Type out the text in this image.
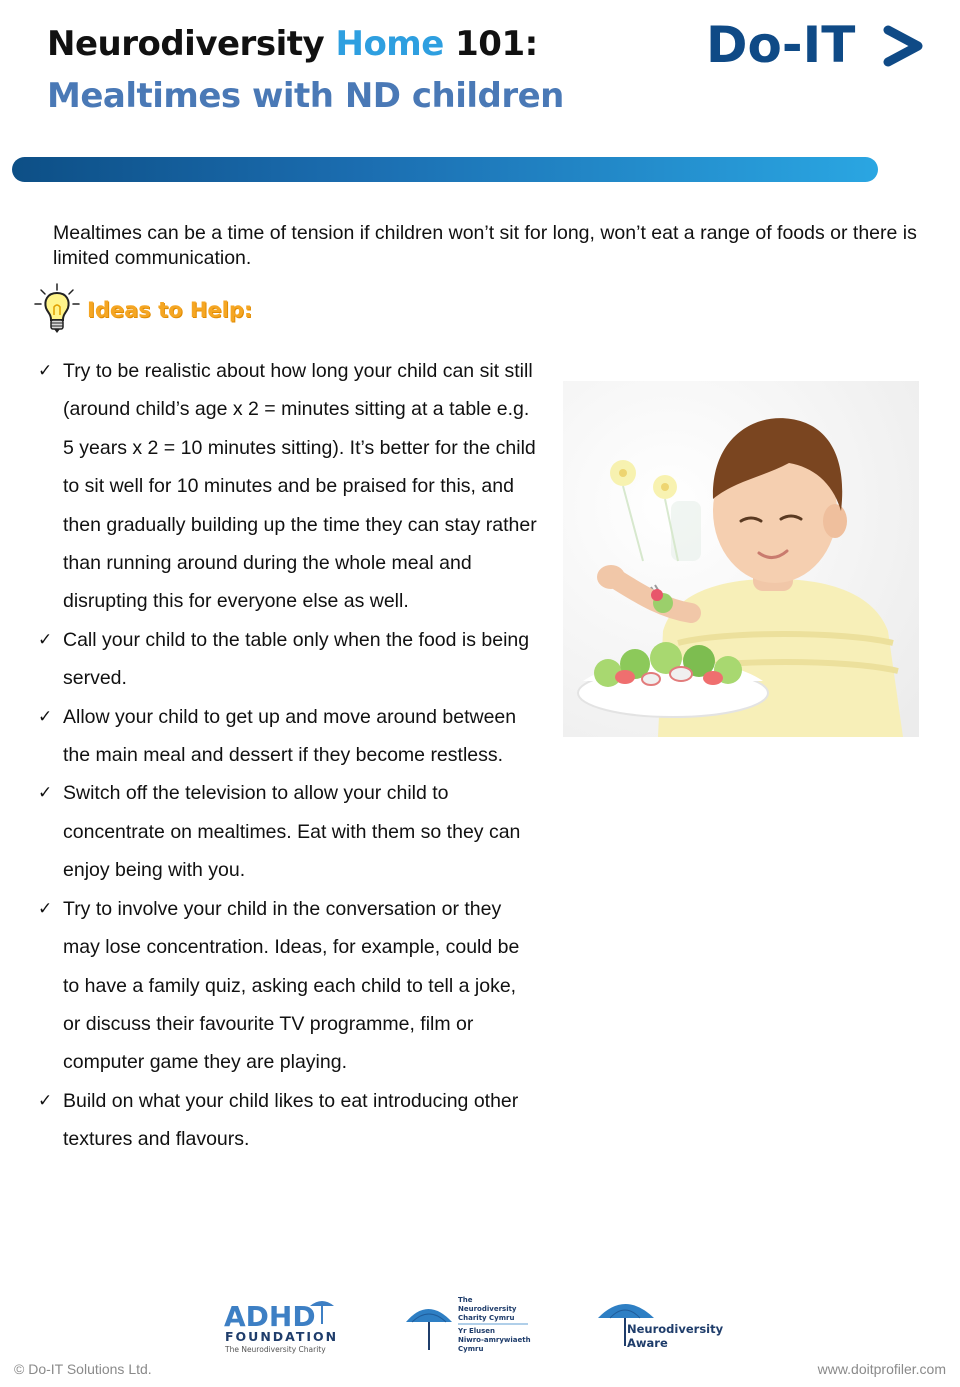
Neurodiversity Home 101:
Mealtimes with ND children
Do-IT

Mealtimes can be a time of tension if children won’t sit for long, won’t eat a range of foods or there is limited communication.

Ideas to Help:
✓ Try to be realistic about how long your child can sit still (around child’s age x 2 = minutes sitting at a table e.g. 5 years x 2 = 10 minutes sitting). It’s better for the child to sit well for 10 minutes and be praised for this, and then gradually building up the time they can stay rather than running around during the whole meal and disrupting this for everyone else as well.
✓ Call your child to the table only when the food is being served.
✓ Allow your child to get up and move around between the main meal and dessert if they become restless.
✓ Switch off the television to allow your child to concentrate on mealtimes. Eat with them so they can enjoy being with you.
✓ Try to involve your child in the conversation or they may lose concentration. Ideas, for example, could be to have a family quiz, asking each child to tell a joke, or discuss their favourite TV programme, film or computer game they are playing.
✓ Build on what your child likes to eat introducing other textures and flavours.
ADHD
FOUNDATION
The Neurodiversity Charity
The
Neurodiversity
Charity Cymru
Yr Elusen
Niwro-amrywiaeth
Cymru
Neurodiversity
Aware
© Do-IT Solutions Ltd.	www.doitprofiler.com
